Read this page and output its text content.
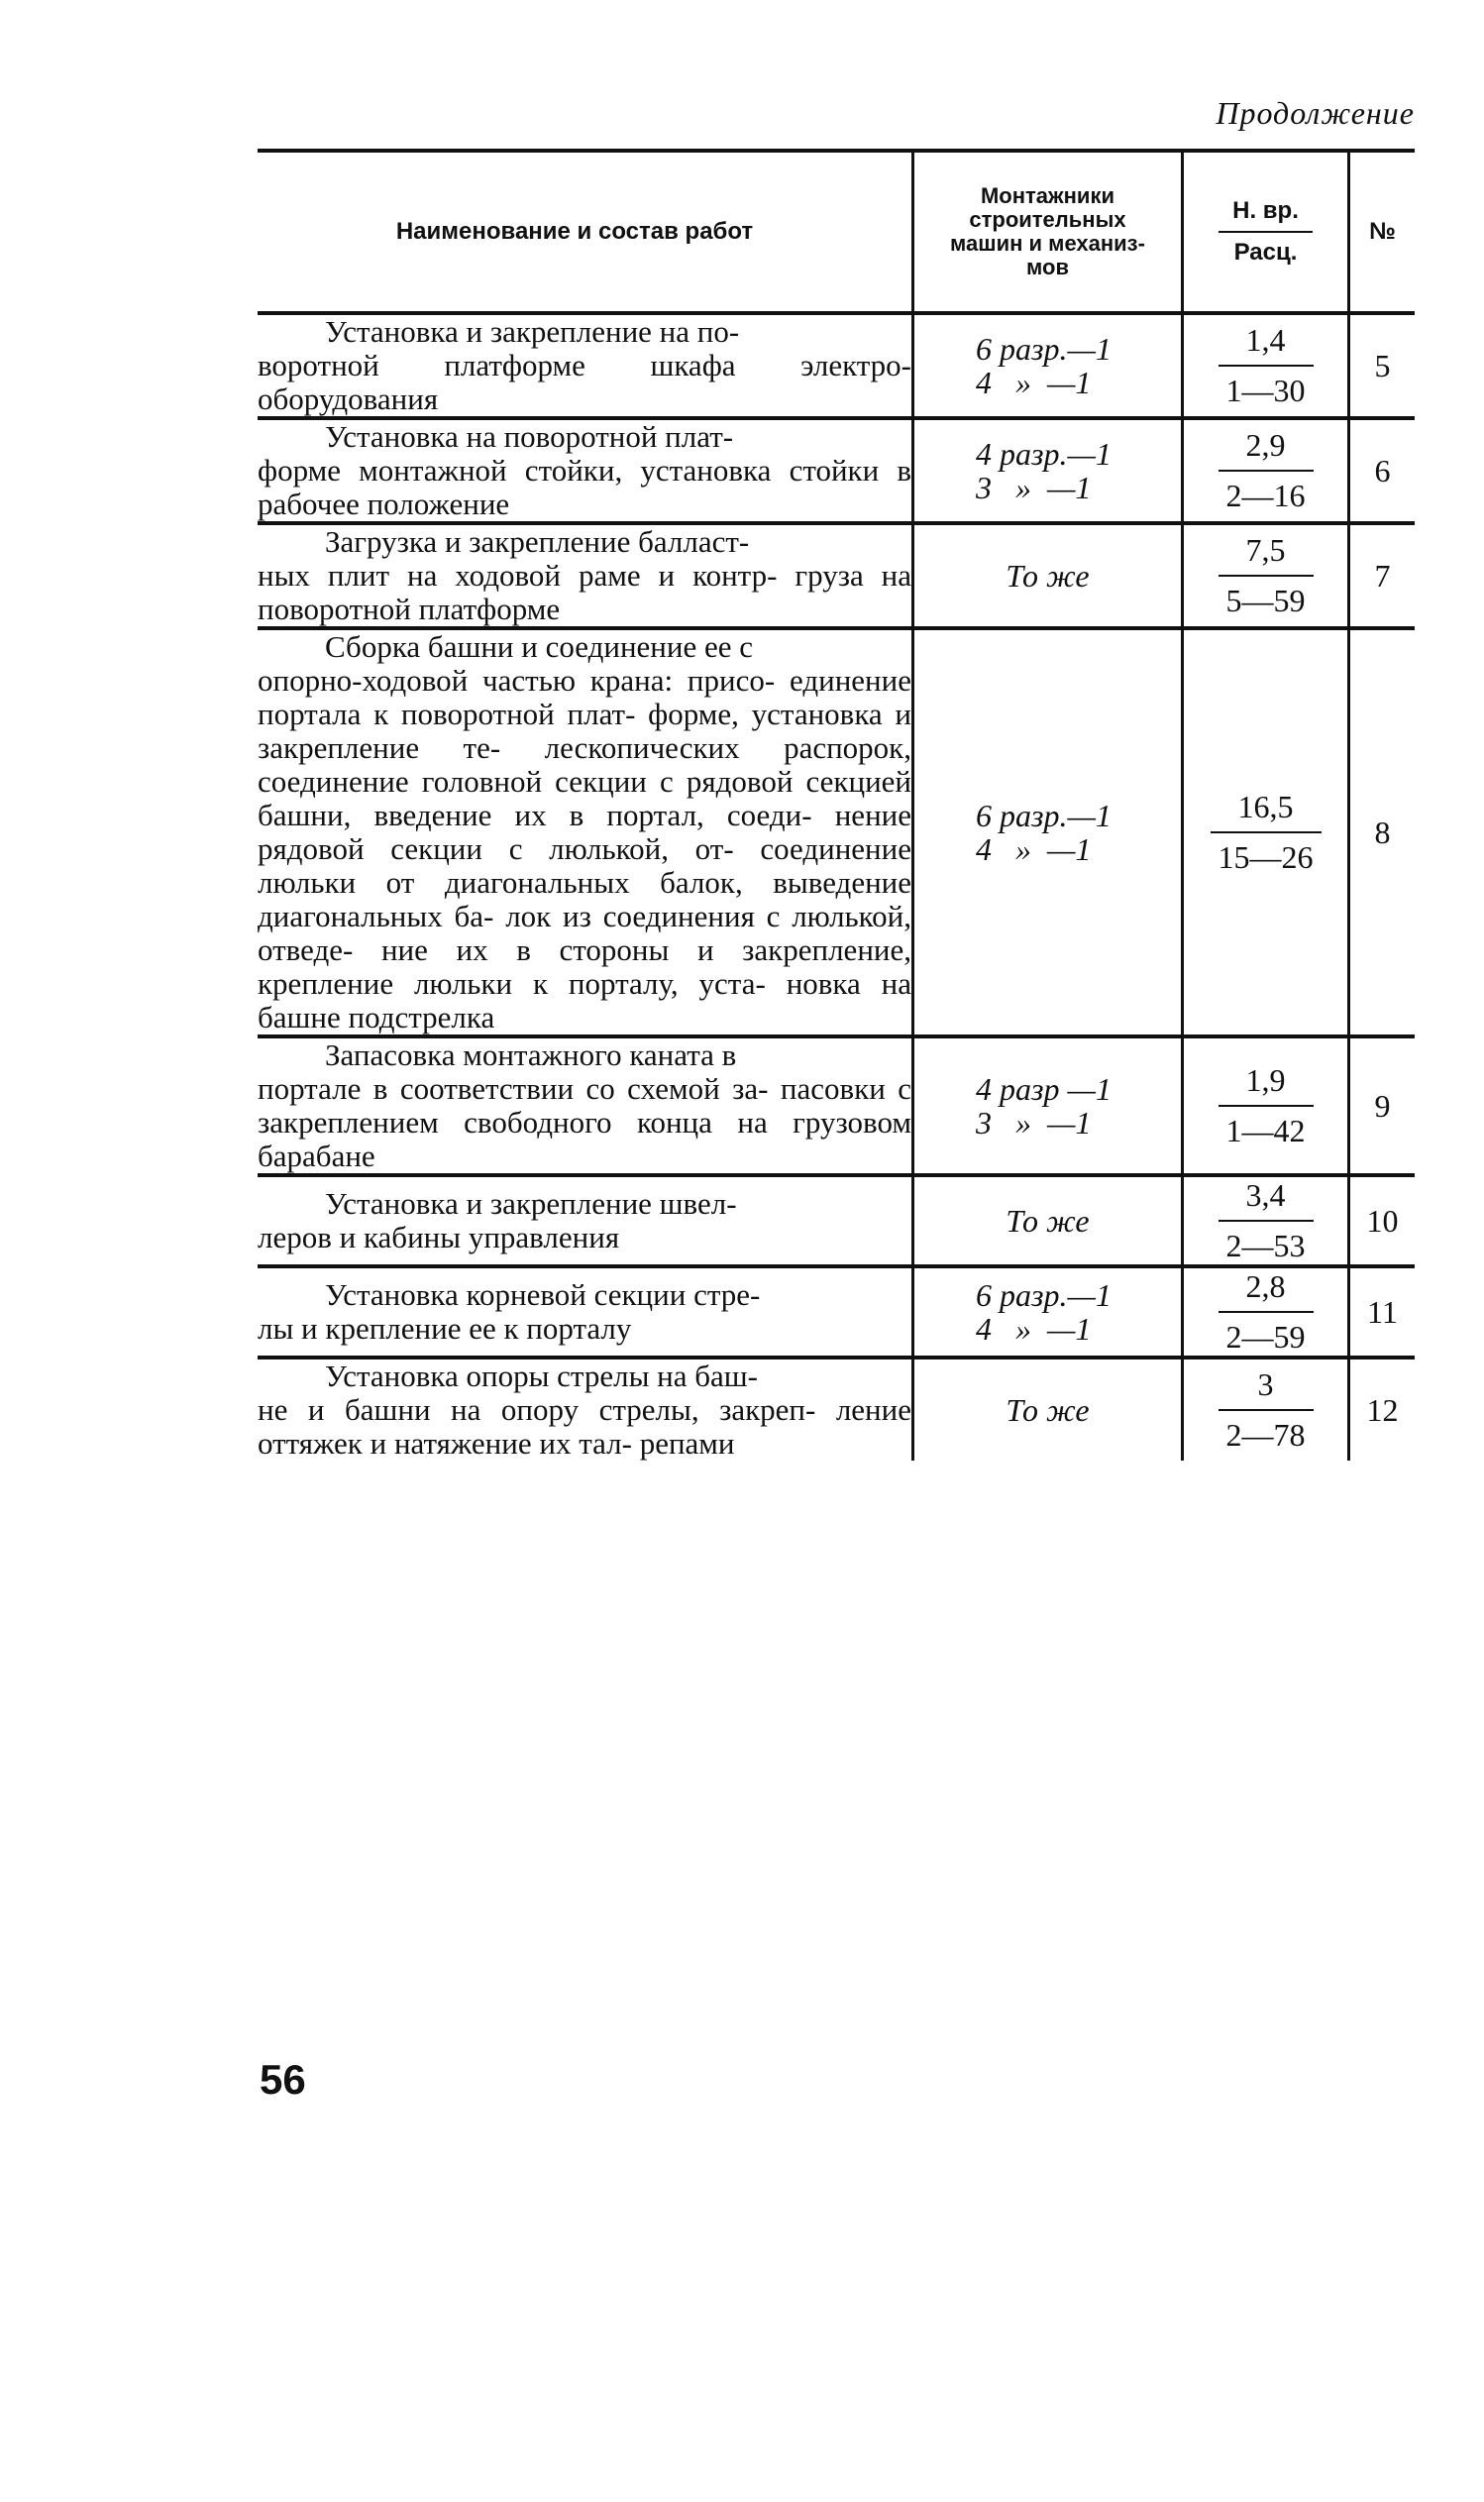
Продолжение

Наименование и состав работ	Монтажники
строительных
машин и механиз-
мов	$\frac{Н. вр.}{\text{Расц.}}$	№

Установка и закрепление на по-
воротной платформе шкафа электро- оборудования	6 разр.—1
4   »  —1	$\frac{1,4}{1—30}$	5

Установка на поворотной плат-
форме монтажной стойки, установка стойки в рабочее положение	4 разр.—1
3   »  —1	$\frac{2,9}{2—16}$	6

Загрузка и закрепление балласт-
ных плит на ходовой раме и контр- груза на поворотной платформе	То же	$\frac{7,5}{5—59}$	7

Сборка башни и соединение ее с
опорно-ходовой частью крана: присо- единение портала к поворотной плат- форме, установка и закрепление те- лескопических распорок, соединение головной секции с рядовой секцией башни, введение их в портал, соеди- нение рядовой секции с люлькой, от- соединение люльки от диагональных балок, выведение диагональных ба- лок из соединения с люлькой, отведе- ние их в стороны и закрепление, крепление люльки к порталу, уста- новка на башне подстрелка	6 разр.—1
4   »  —1	$\frac{16,5}{15—26}$	8

Запасовка монтажного каната в
портале в соответствии со схемой за- пасовки с закреплением свободного конца на грузовом барабане	4 разр —1
3   »  —1	$\frac{1,9}{1—42}$	9

Установка и закрепление швел-
леров и кабины управления	То же	$\frac{3,4}{2—53}$	10

Установка корневой секции стре-
лы и крепление ее к порталу	6 разр.—1
4   »  —1	$\frac{2,8}{2—59}$	11

Установка опоры стрелы на баш-
не и башни на опору стрелы, закреп- ление оттяжек и натяжение их тал- репами	То же	$\frac{3}{2—78}$	12
56
